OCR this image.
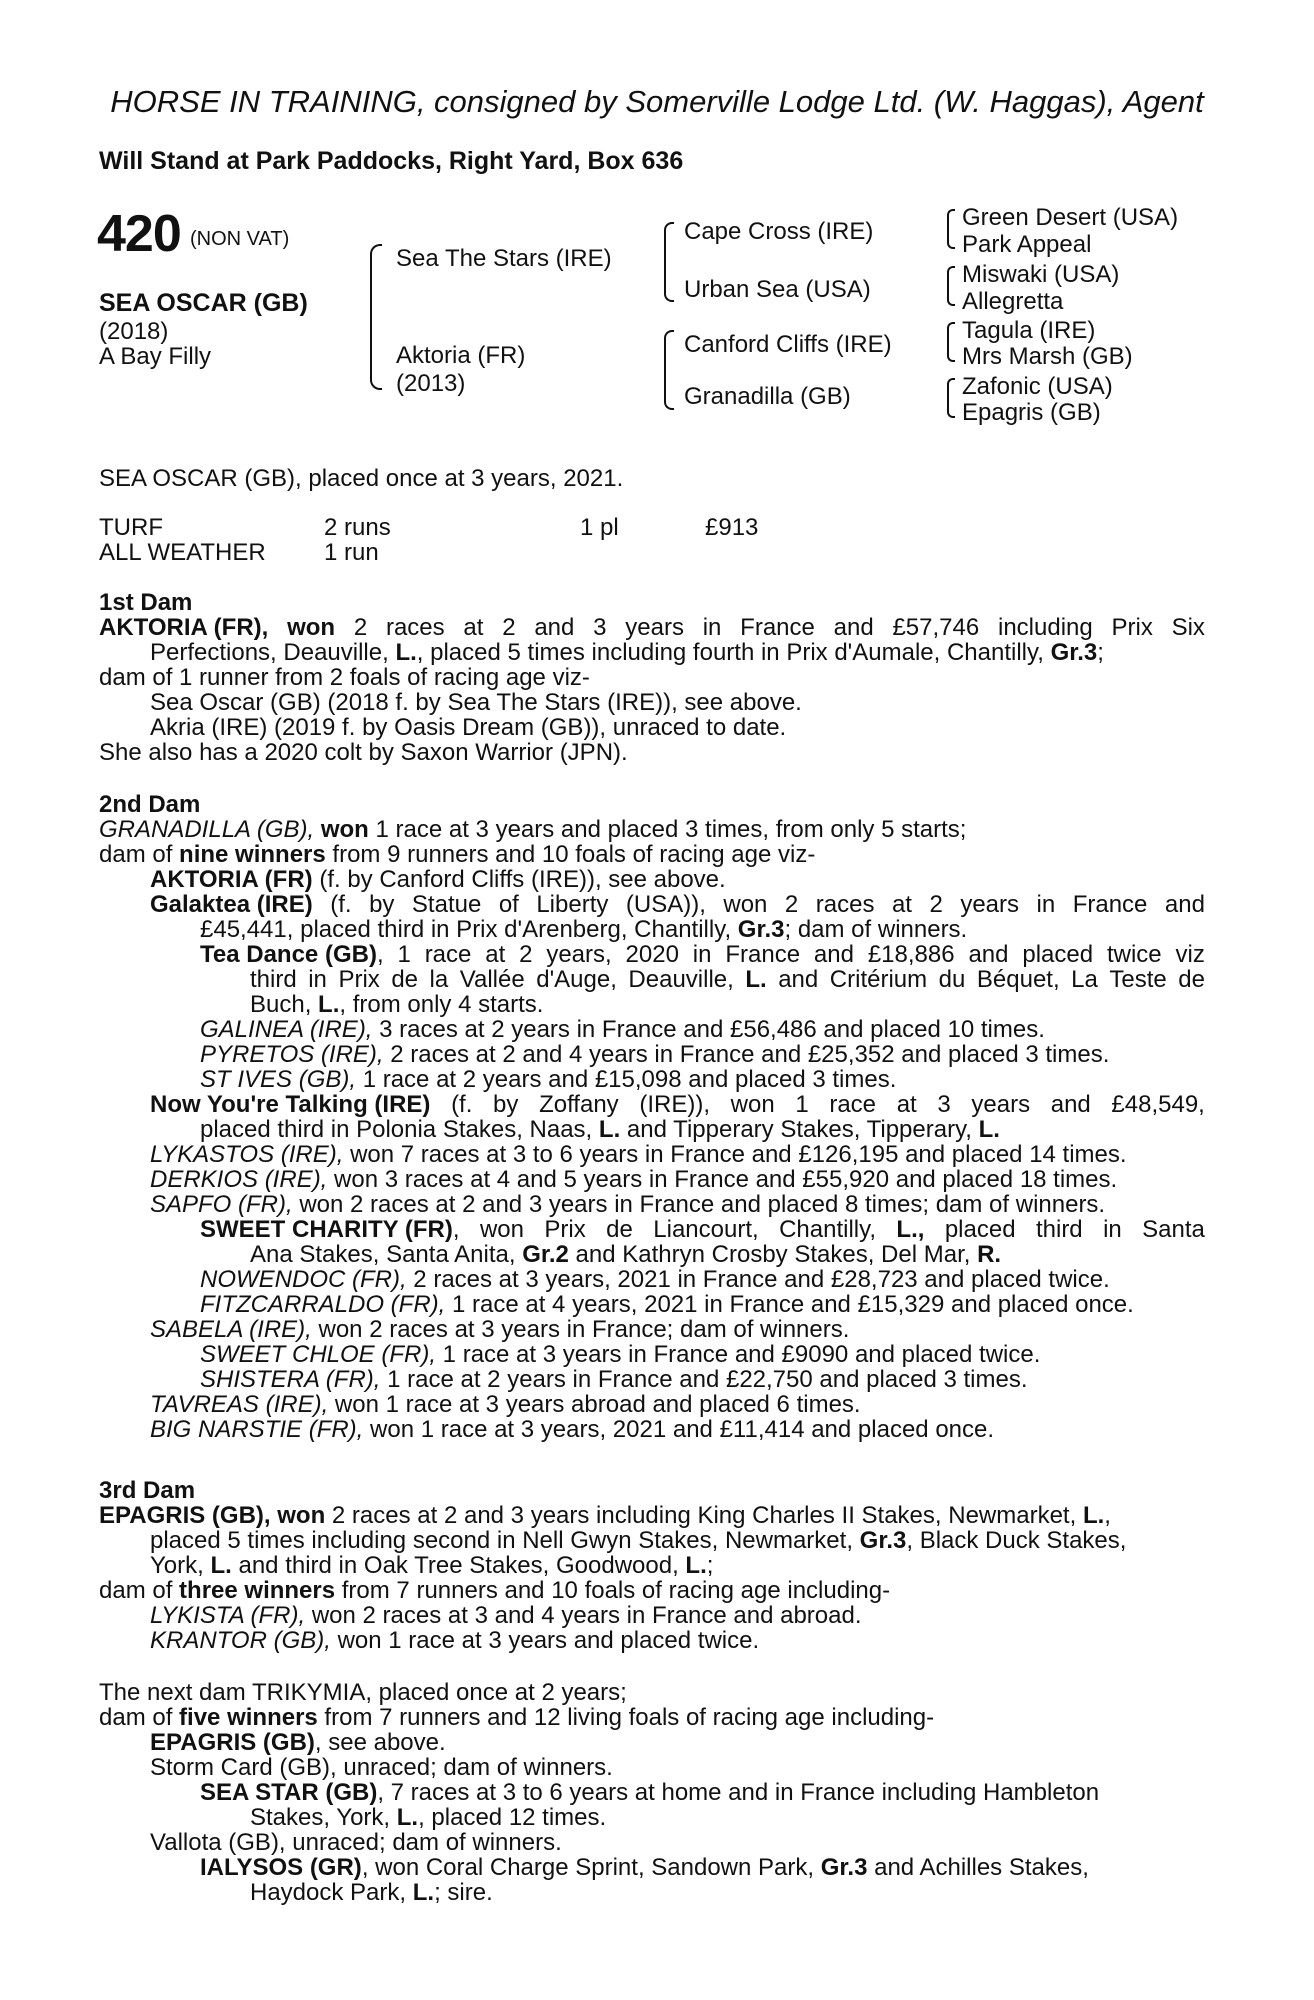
HORSE IN TRAINING, consigned by Somerville Lodge Ltd. (W. Haggas), Agent
Will Stand at Park Paddocks, Right Yard, Box 636
420 (NON VAT)
SEA OSCAR (GB)
(2018)
A Bay Filly
Sea The Stars (IRE)
Aktoria (FR)
(2013)
Cape Cross (IRE)
Urban Sea (USA)
Canford Cliffs (IRE)
Granadilla (GB)
Green Desert (USA)
Park Appeal
Miswaki (USA)
Allegretta
Tagula (IRE)
Mrs Marsh (GB)
Zafonic (USA)
Epagris (GB)
SEA OSCAR (GB), placed once at 3 years, 2021.
TURF	2 runs	1 pl	£913
ALL WEATHER 1 run
1st Dam
AKTORIA (FR), won 2 races at 2 and 3 years in France and £57,746 including Prix Six
Perfections, Deauville, L., placed 5 times including fourth in Prix d'Aumale, Chantilly, Gr.3;
dam of 1 runner from 2 foals of racing age viz-
Sea Oscar (GB) (2018 f. by Sea The Stars (IRE)), see above.
Akria (IRE) (2019 f. by Oasis Dream (GB)), unraced to date.
She also has a 2020 colt by Saxon Warrior (JPN).
2nd Dam
GRANADILLA (GB), won 1 race at 3 years and placed 3 times, from only 5 starts;
dam of nine winners from 9 runners and 10 foals of racing age viz-
AKTORIA (FR) (f. by Canford Cliffs (IRE)), see above.
Galaktea (IRE) (f. by Statue of Liberty (USA)), won 2 races at 2 years in France and
£45,441, placed third in Prix d'Arenberg, Chantilly, Gr.3; dam of winners.
Tea Dance (GB), 1 race at 2 years, 2020 in France and £18,886 and placed twice viz
third in Prix de la Vallée d'Auge, Deauville, L. and Critérium du Béquet, La Teste de
Buch, L., from only 4 starts.
GALINEA (IRE), 3 races at 2 years in France and £56,486 and placed 10 times.
PYRETOS (IRE), 2 races at 2 and 4 years in France and £25,352 and placed 3 times.
ST IVES (GB), 1 race at 2 years and £15,098 and placed 3 times.
Now You're Talking (IRE) (f. by Zoffany (IRE)), won 1 race at 3 years and £48,549,
placed third in Polonia Stakes, Naas, L. and Tipperary Stakes, Tipperary, L.
LYKASTOS (IRE), won 7 races at 3 to 6 years in France and £126,195 and placed 14 times.
DERKIOS (IRE), won 3 races at 4 and 5 years in France and £55,920 and placed 18 times.
SAPFO (FR), won 2 races at 2 and 3 years in France and placed 8 times; dam of winners.
SWEET CHARITY (FR), won Prix de Liancourt, Chantilly, L., placed third in Santa
Ana Stakes, Santa Anita, Gr.2 and Kathryn Crosby Stakes, Del Mar, R.
NOWENDOC (FR), 2 races at 3 years, 2021 in France and £28,723 and placed twice.
FITZCARRALDO (FR), 1 race at 4 years, 2021 in France and £15,329 and placed once.
SABELA (IRE), won 2 races at 3 years in France; dam of winners.
SWEET CHLOE (FR), 1 race at 3 years in France and £9090 and placed twice.
SHISTERA (FR), 1 race at 2 years in France and £22,750 and placed 3 times.
TAVREAS (IRE), won 1 race at 3 years abroad and placed 6 times.
BIG NARSTIE (FR), won 1 race at 3 years, 2021 and £11,414 and placed once.
3rd Dam
EPAGRIS (GB), won 2 races at 2 and 3 years including King Charles II Stakes, Newmarket, L.,
placed 5 times including second in Nell Gwyn Stakes, Newmarket, Gr.3, Black Duck Stakes,
York, L. and third in Oak Tree Stakes, Goodwood, L.;
dam of three winners from 7 runners and 10 foals of racing age including-
LYKISTA (FR), won 2 races at 3 and 4 years in France and abroad.
KRANTOR (GB), won 1 race at 3 years and placed twice.
The next dam TRIKYMIA, placed once at 2 years;
dam of five winners from 7 runners and 12 living foals of racing age including-
EPAGRIS (GB), see above.
Storm Card (GB), unraced; dam of winners.
SEA STAR (GB), 7 races at 3 to 6 years at home and in France including Hambleton
Stakes, York, L., placed 12 times.
Vallota (GB), unraced; dam of winners.
IALYSOS (GR), won Coral Charge Sprint, Sandown Park, Gr.3 and Achilles Stakes,
Haydock Park, L.; sire.
